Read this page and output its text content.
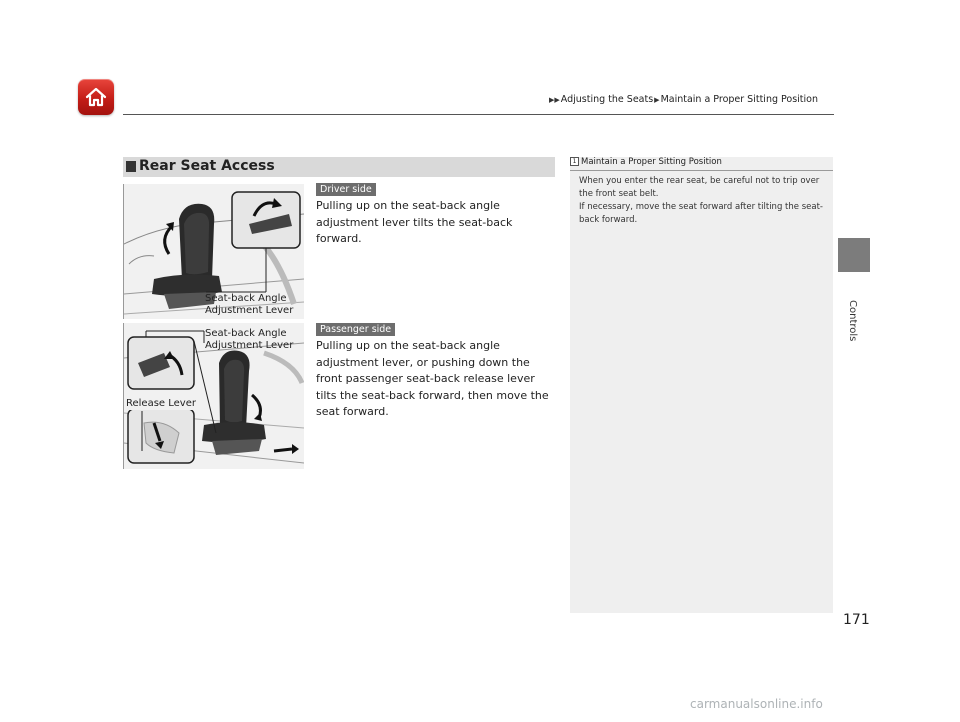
▶▶Adjusting the Seats▶Maintain a Proper Sitting Position
Controls
Rear Seat Access
Seat-back Angle
Adjustment Lever
Driver side
Pulling up on the seat-back angle adjustment lever tilts the seat-back forward.
Seat-back Angle
Adjustment Lever
Release Lever
Passenger side
Pulling up on the seat-back angle adjustment lever, or pushing down the front passenger seat-back release lever tilts the seat-back forward, then move the seat forward.
1 Maintain a Proper Sitting Position
When you enter the rear seat, be careful not to trip over the front seat belt.
If necessary, move the seat forward after tilting the seat-back forward.
171
carmanualsonline.info
